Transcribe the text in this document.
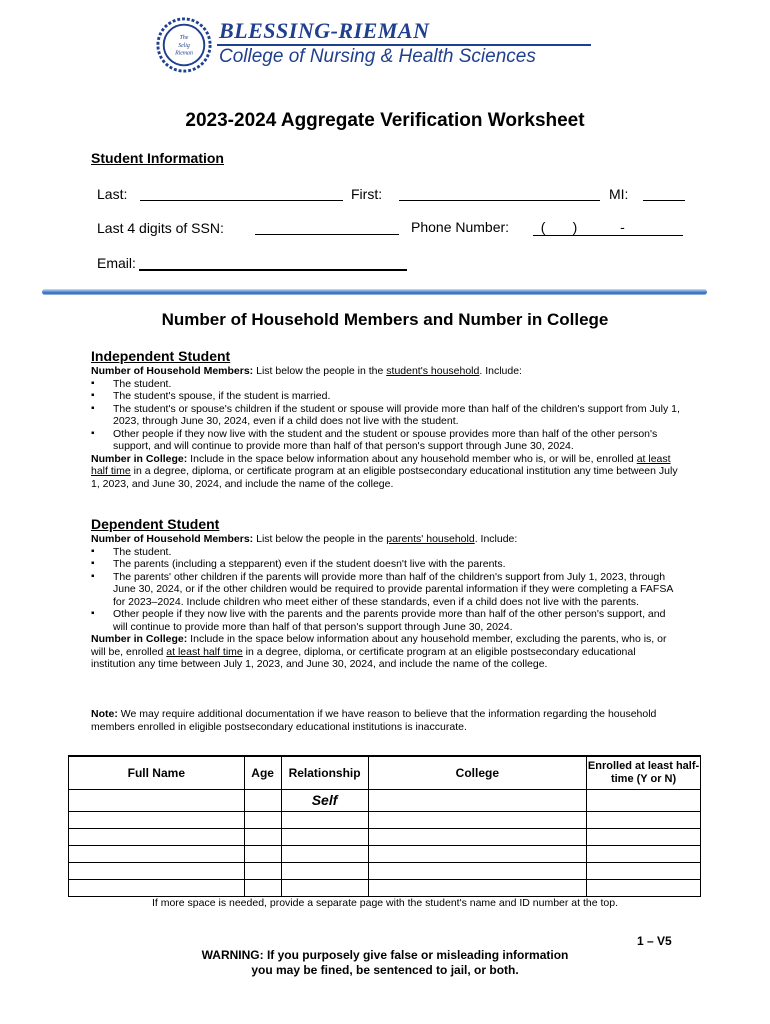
The
Selig
Rieman
BLESSING-RIEMAN
College of Nursing & Health Sciences
2023-2024 Aggregate Verification Worksheet
Student Information
Last:	First:	MI:
Last 4 digits of SSN:	Phone Number: (       )           -
Email:
Number of Household Members and Number in College
Independent Student
Number of Household Members: List below the people in the student's household. Include:
▪ The student.
▪ The student's spouse, if the student is married.
▪ The student's or spouse's children if the student or spouse will provide more than half of the children's support from July 1, 2023, through June 30, 2024, even if a child does not live with the student.
▪ Other people if they now live with the student and the student or spouse provides more than half of the other person's support, and will continue to provide more than half of that person's support through June 30, 2024.
Number in College: Include in the space below information about any household member who is, or will be, enrolled at least half time in a degree, diploma, or certificate program at an eligible postsecondary educational institution any time between July 1, 2023, and June 30, 2024, and include the name of the college.
Dependent Student
Number of Household Members: List below the people in the parents' household. Include:
▪ The student.
▪ The parents (including a stepparent) even if the student doesn't live with the parents.
▪ The parents' other children if the parents will provide more than half of the children's support from July 1, 2023, through June 30, 2024, or if the other children would be required to provide parental information if they were completing a FAFSA for 2023–2024. Include children who meet either of these standards, even if a child does not live with the parents.
▪ Other people if they now live with the parents and the parents provide more than half of the other person's support, and will continue to provide more than half of that person's support through June 30, 2024.
Number in College: Include in the space below information about any household member, excluding the parents, who is, or will be, enrolled at least half time in a degree, diploma, or certificate program at an eligible postsecondary educational institution any time between July 1, 2023, and June 30, 2024, and include the name of the college.
Note: We may require additional documentation if we have reason to believe that the information regarding the household members enrolled in eligible postsecondary educational institutions is inaccurate.
Full Name	Age	Relationship	College	Enrolled at least half-time (Y or N)
		Self		

If more space is needed, provide a separate page with the student's name and ID number at the top.
1 – V5
WARNING: If you purposely give false or misleading information
you may be fined, be sentenced to jail, or both.
